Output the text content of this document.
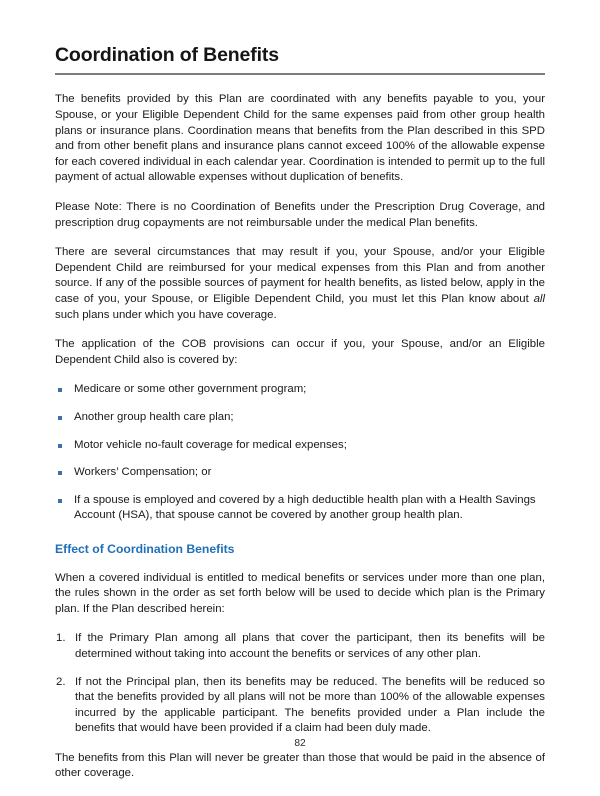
Coordination of Benefits

The benefits provided by this Plan are coordinated with any benefits payable to you, your Spouse, or your Eligible Dependent Child for the same expenses paid from other group health plans or insurance plans. Coordination means that benefits from the Plan described in this SPD and from other benefit plans and insurance plans cannot exceed 100% of the allowable expense for each covered individual in each calendar year. Coordination is intended to permit up to the full payment of actual allowable expenses without duplication of benefits.

Please Note: There is no Coordination of Benefits under the Prescription Drug Coverage, and prescription drug copayments are not reimbursable under the medical Plan benefits.

There are several circumstances that may result if you, your Spouse, and/or your Eligible Dependent Child are reimbursed for your medical expenses from this Plan and from another source. If any of the possible sources of payment for health benefits, as listed below, apply in the case of you, your Spouse, or Eligible Dependent Child, you must let this Plan know about all such plans under which you have coverage.

The application of the COB provisions can occur if you, your Spouse, and/or an Eligible Dependent Child also is covered by:

Medicare or some other government program;
Another group health care plan;
Motor vehicle no-fault coverage for medical expenses;
Workers’ Compensation; or
If a spouse is employed and covered by a high deductible health plan with a Health Savings Account (HSA), that spouse cannot be covered by another group health plan.
Effect of Coordination Benefits

When a covered individual is entitled to medical benefits or services under more than one plan, the rules shown in the order as set forth below will be used to decide which plan is the Primary plan. If the Plan described herein:

1. If the Primary Plan among all plans that cover the participant, then its benefits will be determined without taking into account the benefits or services of any other plan.
2. If not the Principal plan, then its benefits may be reduced. The benefits will be reduced so that the benefits provided by all plans will not be more than 100% of the allowable expenses incurred by the applicable participant. The benefits provided under a Plan include the benefits that would have been provided if a claim had been duly made.

The benefits from this Plan will never be greater than those that would be paid in the absence of other coverage.

82
